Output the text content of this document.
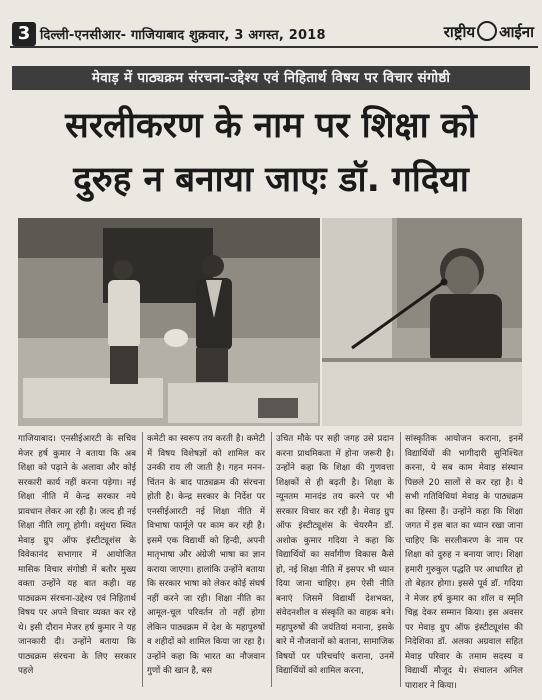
3 दिल्ली-एनसीआर- गाजियाबाद शुक्रवार, 3 अगस्त, 2018	राष्ट्रीय आईना
मेवाड़ में पाठ्यक्रम संरचना-उद्देश्य एवं निहितार्थ विषय पर विचार संगोष्ठी
सरलीकरण के नाम पर शिक्षा को
दुरुह न बनाया जाएः डॉ. गदिया
गाजियाबाद। एनसीईआरटी के सचिव मेजर हर्ष कुमार ने बताया कि अब शिक्षा को पढ़ाने के अलावा और कोई सरकारी कार्य नहीं करना पड़ेगा। नई शिक्षा नीति में केन्द्र सरकार नये प्रावधान लेकर आ रही है। जल्द ही नई शिक्षा नीति लागू होगी। वसुंधरा स्थित मेवाड़ ग्रुप ऑफ इंस्टीट्यूशंस के विवेकानंद सभागार में आयोजित मासिक विचार संगोष्ठी में बतौर मुख्य वक्ता उन्होंने यह बात कही। वह पाठ्यक्रम संरचना-उद्देश्य एवं निहितार्थ विषय पर अपने विचार व्यक्त कर रहे थे। इसी दौरान मेजर हर्ष कुमार ने यह जानकारी दी। उन्होंने बताया कि पाठ्यक्रम संरचना के लिए सरकार पहले
कमेटी का स्वरूप तय करती है। कमेटी में विषय विशेषज्ञों को शामिल कर उनकी राय ली जाती है। गहन मनन-चिंतन के बाद पाठ्यक्रम की संरचना होती है। केन्द्र सरकार के निर्देश पर एनसीईआरटी नई शिक्षा नीति में विभाषा फार्मूले पर काम कर रही है। इसमें एक विद्यार्थी को हिन्दी, अपनी मातृभाषा और अंग्रेजी भाषा का ज्ञान कराया जाएगा। हालांकि उन्होंने बताया कि सरकार भाषा को लेकर कोई संघर्ष नहीं करने जा रही। शिक्षा नीति का आमूल-चूल परिवर्तन तो नहीं होगा लेकिन पाठ्यक्रम में देश के महापुरुषों व शहीदों को शामिल किया जा रहा है। उन्होंने कहा कि भारत का नौजवान गुणों की खान है, बस
उचित मौके पर सही जगह उसे प्रदान करना प्राथमिकता में होना जरूरी है। उन्होंने कहा कि शिक्षा की गुणवत्ता शिक्षकों से ही बढ़ती है। शिक्षा के न्यूनतम मानदंड तय करने पर भी सरकार विचार कर रही है। मेवाड़ ग्रुप ऑफ इंस्टीट्यूशंस के चेयरमैन डॉ. अशोक कुमार गदिया ने कहा कि विद्यार्थियों का सर्वांगीण विकास कैसे हो, नई शिक्षा नीति में इसपर भी ध्यान दिया जाना चाहिए। हम ऐसी नीति बनाएं जिसमें विद्यार्थी देशभक्त, संवेदनशील व संस्कृति का वाहक बने। महापुरुषों की जयंतियां मनाना, इसके बारे में नौजवानों को बताना, सामाजिक विषयों पर परिचर्चाएं कराना, उनमें विद्यार्थियों को शामिल करना,
सांस्कृतिक आयोजन कराना, इनमें विद्यार्थियों की भागीदारी सुनिश्चित करना, ये सब काम मेवाड़ संस्थान पिछले 20 सालों से कर रहा है। ये सभी गतिविधियां मेवाड़ के पाठ्यक्रम का हिस्सा हैं। उन्होंने कहा कि शिक्षा जगत में इस बात का ध्यान रखा जाना चाहिए कि सरलीकरण के नाम पर शिक्षा को दुरुह न बनाया जाए। शिक्षा हमारी गुरुकुल पद्धति पर आधारित हो तो बेहतर होगा। इससे पूर्व डॉ. गदिया ने मेजर हर्ष कुमार का शॉल व स्मृति चिह्न देकर सम्मान किया। इस अवसर पर मेवाड़ ग्रुप ऑफ इंस्टीट्यूशंस की निदेशिका डॉ. अलका अग्रवाल सहित मेवाड़ परिवार के तमाम सदस्य व विद्यार्थी मौजूद थे। संचालन अनिल पाराशर ने किया।
